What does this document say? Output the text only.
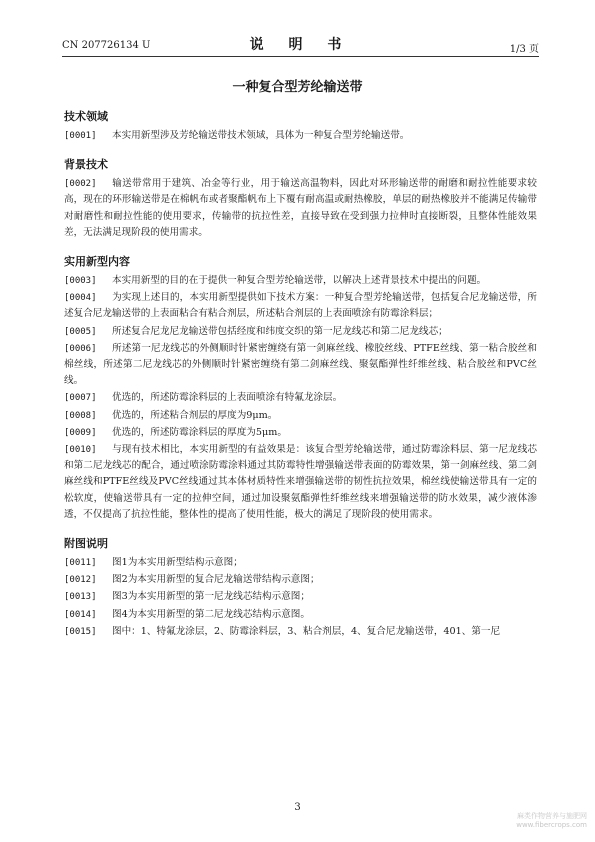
CN 207726134 U	说 明 书	1/3 页
一种复合型芳纶输送带
技术领域
[0001] 本实用新型涉及芳纶输送带技术领域，具体为一种复合型芳纶输送带。
背景技术
[0002] 输送带常用于建筑、冶金等行业，用于输送高温物料，因此对环形输送带的耐磨和耐拉性能要求较高，现在的环形输送带是在棉帆布或者聚酯帆布上下覆有耐高温或耐热橡胶，单层的耐热橡胶并不能满足传输带对耐磨性和耐拉性能的使用要求，传输带的抗拉性差，直接导致在受到强力拉伸时直接断裂，且整体性能效果差，无法满足现阶段的使用需求。
实用新型内容
[0003] 本实用新型的目的在于提供一种复合型芳纶输送带，以解决上述背景技术中提出的问题。
[0004] 为实现上述目的，本实用新型提供如下技术方案：一种复合型芳纶输送带，包括复合尼龙输送带，所述复合尼龙输送带的上表面粘合有粘合剂层，所述粘合剂层的上表面喷涂有防霉涂料层；
[0005] 所述复合尼龙尼龙输送带包括经度和纬度交织的第一尼龙线芯和第二尼龙线芯；
[0006] 所述第一尼龙线芯的外侧顺时针紧密缠绕有第一剑麻丝线、橡胶丝线、PTFE丝线、第一粘合胶丝和棉丝线，所述第二尼龙线芯的外侧顺时针紧密缠绕有第二剑麻丝线、聚氨酯弹性纤维丝线、粘合胶丝和PVC丝线。
[0007] 优选的，所述防霉涂料层的上表面喷涂有特氟龙涂层。
[0008] 优选的，所述粘合剂层的厚度为9μm。
[0009] 优选的，所述防霉涂料层的厚度为5μm。
[0010] 与现有技术相比，本实用新型的有益效果是：该复合型芳纶输送带，通过防霉涂料层、第一尼龙线芯和第二尼龙线芯的配合，通过喷涂防霉涂料通过其防霉特性增强输送带表面的防霉效果，第一剑麻丝线、第二剑麻丝线和PTFE丝线及PVC丝线通过其本体材质特性来增强输送带的韧性抗拉效果，棉丝线使输送带具有一定的松软度，使输送带具有一定的拉伸空间，通过加设聚氨酯弹性纤维丝线来增强输送带的防水效果，减少液体渗透，不仅提高了抗拉性能，整体性的提高了使用性能，极大的满足了现阶段的使用需求。
附图说明
[0011] 图1为本实用新型结构示意图；
[0012] 图2为本实用新型的复合尼龙输送带结构示意图；
[0013] 图3为本实用新型的第一尼龙线芯结构示意图；
[0014] 图4为本实用新型的第二尼龙线芯结构示意图。
[0015] 图中：1、特氟龙涂层，2、防霉涂料层，3、粘合剂层，4、复合尼龙输送带，401、第一尼
3
麻类作物营养与施肥网
www.fibercrops.com
